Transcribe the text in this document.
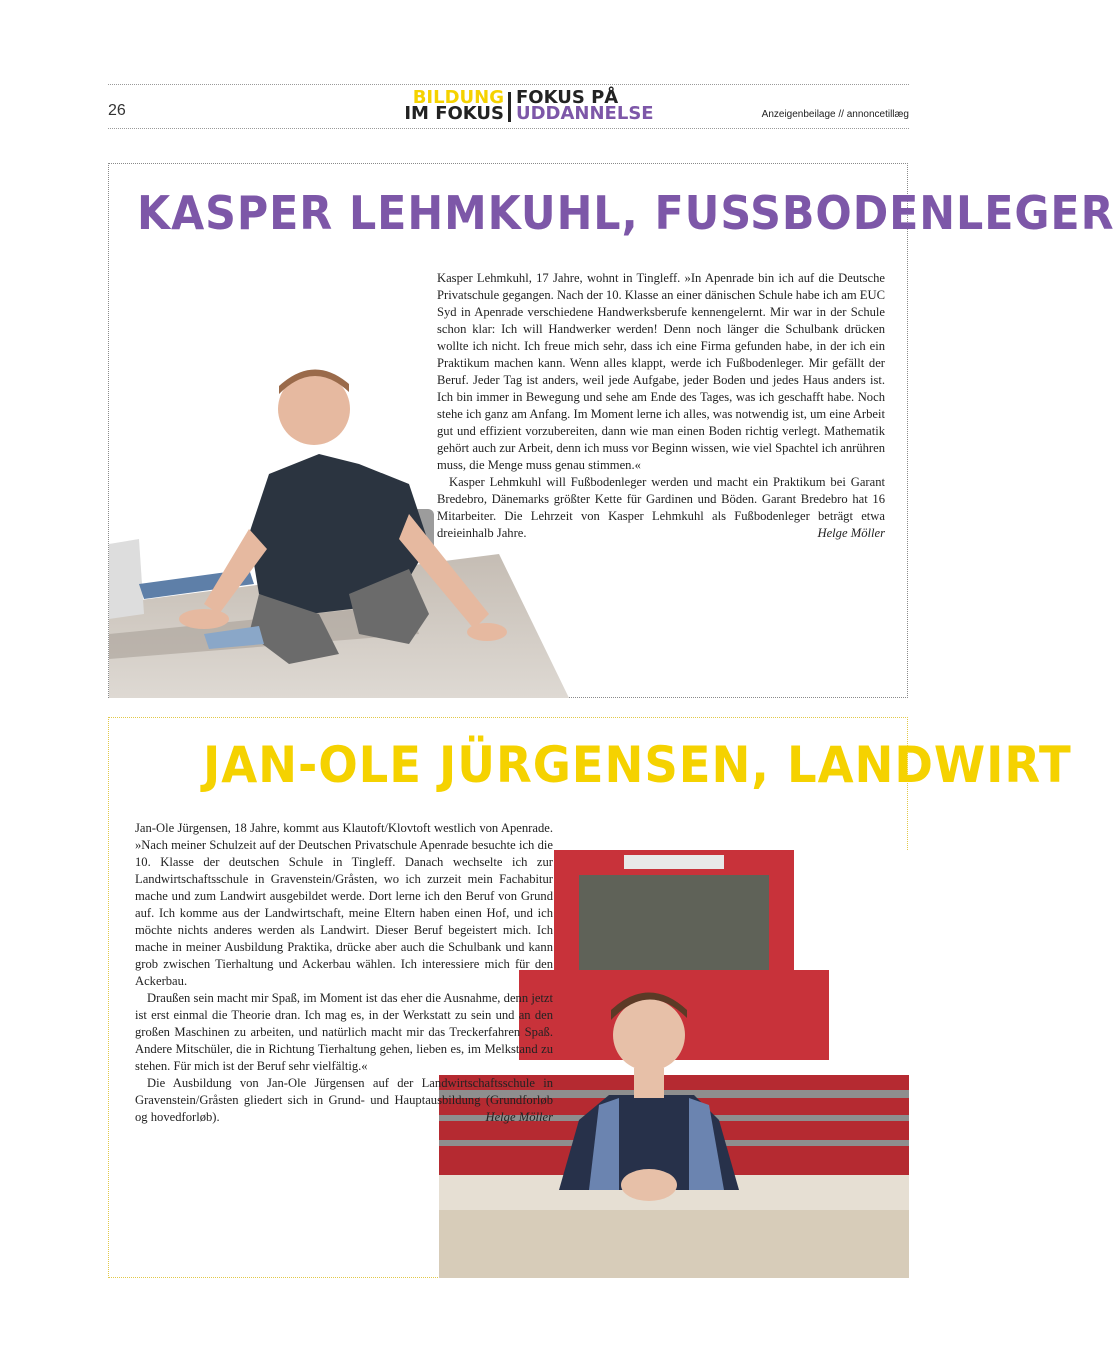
26
BILDUNG
IM FOKUS
FOKUS PÅ
UDDANNELSE	Anzeigenbeilage // annoncetillæg
KASPER LEHMKUHL, FUSSBODENLEGER

Kasper Lehmkuhl, 17 Jahre, wohnt in Tingleff. »In Apenrade bin ich auf die Deutsche Privatschule gegangen. Nach der 10. Klasse an einer dänischen Schule habe ich am EUC Syd in Apenrade verschiedene Handwerksberufe kennengelernt. Mir war in der Schule schon klar: Ich will Handwerker werden! Denn noch länger die Schulbank drücken wollte ich nicht. Ich freue mich sehr, dass ich eine Firma gefunden habe, in der ich ein Praktikum machen kann. Wenn alles klappt, werde ich Fußbodenleger. Mir gefällt der Beruf. Jeder Tag ist anders, weil jede Aufgabe, jeder Boden und jedes Haus anders ist. Ich bin immer in Bewegung und sehe am Ende des Tages, was ich geschafft habe. Noch stehe ich ganz am Anfang. Im Moment lerne ich alles, was notwendig ist, um eine Arbeit gut und effizient vorzubereiten, dann wie man einen Boden richtig verlegt. Mathematik gehört auch zur Arbeit, denn ich muss vor Beginn wissen, wie viel Spachtel ich anrühren muss, die Menge muss genau stimmen.«

Kasper Lehmkuhl will Fußbodenleger werden und macht ein Praktikum bei Garant Bredebro, Dänemarks größter Kette für Gardinen und Böden. Garant Bredebro hat 16 Mitarbeiter. Die Lehrzeit von Kasper Lehmkuhl als Fußbodenleger beträgt etwa dreieinhalb Jahre.	Helge Möller

JAN-OLE JÜRGENSEN, LANDWIRT

Jan-Ole Jürgensen, 18 Jahre, kommt aus Klautoft/Klovtoft westlich von Apenrade. »Nach meiner Schulzeit auf der Deutschen Privatschule Apenrade besuchte ich die 10. Klasse der deutschen Schule in Tingleff. Danach wechselte ich zur Landwirtschaftsschule in Gravenstein/Gråsten, wo ich zurzeit mein Fachabitur mache und zum Landwirt ausgebildet werde. Dort lerne ich den Beruf von Grund auf. Ich komme aus der Landwirtschaft, meine Eltern haben einen Hof, und ich möchte nichts anderes werden als Landwirt. Dieser Beruf begeistert mich. Ich mache in meiner Ausbildung Praktika, drücke aber auch die Schulbank und kann grob zwischen Tierhaltung und Ackerbau wählen. Ich interessiere mich für den Ackerbau.

Draußen sein macht mir Spaß, im Moment ist das eher die Ausnahme, denn jetzt ist erst einmal die Theorie dran. Ich mag es, in der Werkstatt zu sein und an den großen Maschinen zu arbeiten, und natürlich macht mir das Treckerfahren Spaß. Andere Mitschüler, die in Richtung Tierhaltung gehen, lieben es, im Melkstand zu stehen. Für mich ist der Beruf sehr vielfältig.«

Die Ausbildung von Jan-Ole Jürgensen auf der Landwirtschaftsschule in Gravenstein/Gråsten gliedert sich in Grund- und Hauptausbildung (Grundforløb og hovedforløb).	Helge Möller
